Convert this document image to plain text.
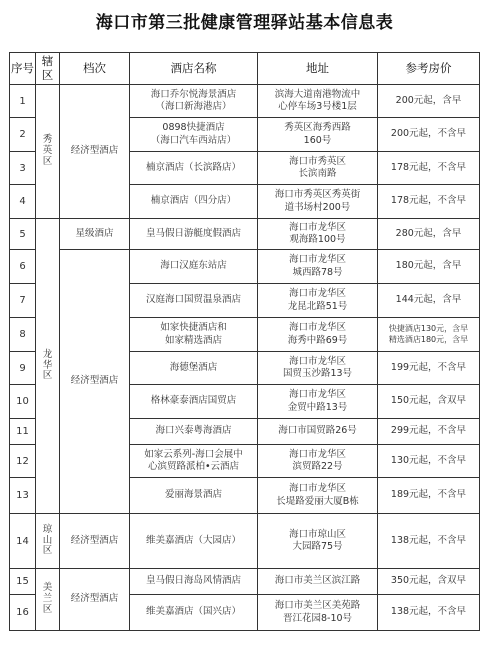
海口市第三批健康管理驿站基本信息表
序号	辖区	档次	酒店名称	地址	参考房价
1	秀英区	经济型酒店	海口乔尔悦海景酒店
（海口新海港店）	滨海大道南港物流中
心停车场3号楼1层	200元起，含早
2			0898快捷酒店
（海口汽车西站店）	秀英区海秀西路
160号	200元起，不含早
3			楠京酒店（长滨路店）	海口市秀英区
长滨南路	178元起，不含早
4			楠京酒店（四分店）	海口市秀英区秀英街
道书场村200号	178元起，不含早
5	龙华区	星级酒店	皇马假日游艇度假酒店	海口市龙华区
观海路100号	280元起，含早
6		经济型酒店	海口汉庭东站店	海口市龙华区
城西路78号	180元起，含早
7			汉庭海口国贸温泉酒店	海口市龙华区
龙昆北路51号	144元起，含早
8			如家快捷酒店和
如家精选酒店	海口市龙华区
海秀中路69号	快捷酒店130元，含早
精选酒店180元，含早

9			海德堡酒店	海口市龙华区
国贸玉沙路13号	199元起，不含早
10			格林豪泰酒店国贸店	海口市龙华区
金贸中路13号	150元起，含双早
11			海口兴泰粤海酒店	海口市国贸路26号	299元起，不含早
12			如家云系列-海口会展中
心滨贸路派柏•云酒店	海口市龙华区
滨贸路22号	130元起，不含早
13			爱丽海景酒店	海口市龙华区
长堤路爱丽大厦B栋	189元起，不含早
14	琼山区	经济型酒店	维美嘉酒店（大园店）	海口市琼山区
大园路75号	138元起，不含早
15	美兰区	经济型酒店	皇马假日海岛风情酒店	海口市美兰区滨江路	350元起，含双早
16			维美嘉酒店（国兴店）	海口市美兰区美苑路
晋江花园8-10号	138元起，不含早
